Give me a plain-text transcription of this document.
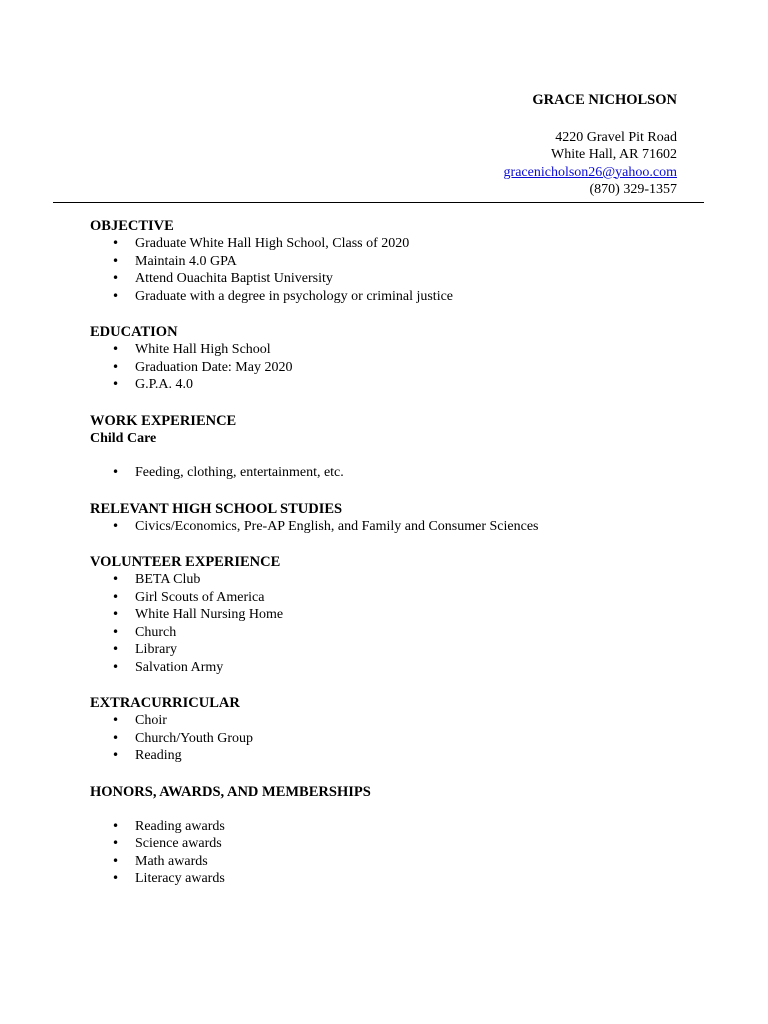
GRACE NICHOLSON
4220 Gravel Pit Road
White Hall, AR 71602
gracenicholson26@yahoo.com
(870) 329-1357
OBJECTIVE
• Graduate White Hall High School, Class of 2020
• Maintain 4.0 GPA
• Attend Ouachita Baptist University
• Graduate with a degree in psychology or criminal justice
EDUCATION
• White Hall High School
• Graduation Date: May 2020
• G.P.A. 4.0
WORK EXPERIENCE
Child Care
• Feeding, clothing, entertainment, etc.
RELEVANT HIGH SCHOOL STUDIES
• Civics/Economics, Pre-AP English, and Family and Consumer Sciences
VOLUNTEER EXPERIENCE
• BETA Club
• Girl Scouts of America
• White Hall Nursing Home
• Church
• Library
• Salvation Army
EXTRACURRICULAR
• Choir
• Church/Youth Group
• Reading
HONORS, AWARDS, AND MEMBERSHIPS
• Reading awards
• Science awards
• Math awards
• Literacy awards
